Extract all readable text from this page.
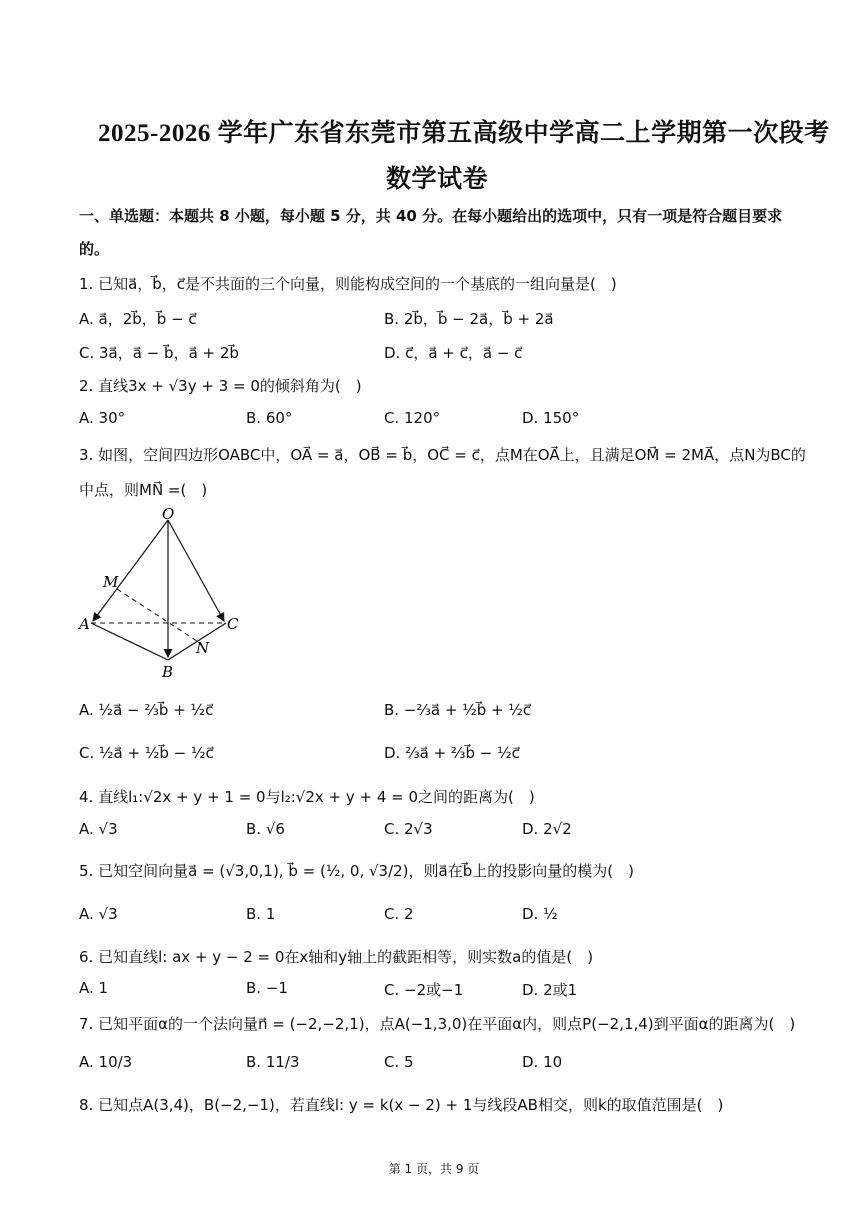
2025-2026 学年广东省东莞市第五高级中学高二上学期第一次段考
数学试卷
一、单选题：本题共 8 小题，每小题 5 分，共 40 分。在每小题给出的选项中，只有一项是符合题目要求
的。
1. 已知a⃗，b⃗，c⃗是不共面的三个向量，则能构成空间的一个基底的一组向量是(　)
A. a⃗，2b⃗，b⃗ − c⃗	B. 2b⃗，b⃗ − 2a⃗，b⃗ + 2a⃗
C. 3a⃗，a⃗ − b⃗，a⃗ + 2b⃗	D. c⃗，a⃗ + c⃗，a⃗ − c⃗
2. 直线3x + √3y + 3 = 0的倾斜角为(　)
A. 30°	B. 60°	C. 120°	D. 150°
3. 如图，空间四边形OABC中，OA⃗ = a⃗，OB⃗ = b⃗，OC⃗ = c⃗，点M在OA⃗上，且满足OM⃗ = 2MA⃗，点N为BC的
中点，则MN⃗ =(　)
O
M
A	C
N
B
A. ½a⃗ − ⅔b⃗ + ½c⃗	B. −⅔a⃗ + ½b⃗ + ½c⃗
C. ½a⃗ + ½b⃗ − ½c⃗	D. ⅔a⃗ + ⅔b⃗ − ½c⃗
4. 直线l₁:√2x + y + 1 = 0与l₂:√2x + y + 4 = 0之间的距离为(　)
A. √3	B. √6	C. 2√3	D. 2√2
5. 已知空间向量a⃗ = (√3,0,1), b⃗ = (½, 0, √3/2)，则a⃗在b⃗上的投影向量的模为(　)
A. √3	B. 1	C. 2	D. ½
6. 已知直线l: ax + y − 2 = 0在x轴和y轴上的截距相等，则实数a的值是(　)
A. 1	B. −1	C. −2或−1	D. 2或1
7. 已知平面α的一个法向量n⃗ = (−2,−2,1)，点A(−1,3,0)在平面α内，则点P(−2,1,4)到平面α的距离为(　)
A. 10/3	B. 11/3	C. 5	D. 10
8. 已知点A(3,4)，B(−2,−1)，若直线l: y = k(x − 2) + 1与线段AB相交，则k的取值范围是(　)
第 1 页，共 9 页
